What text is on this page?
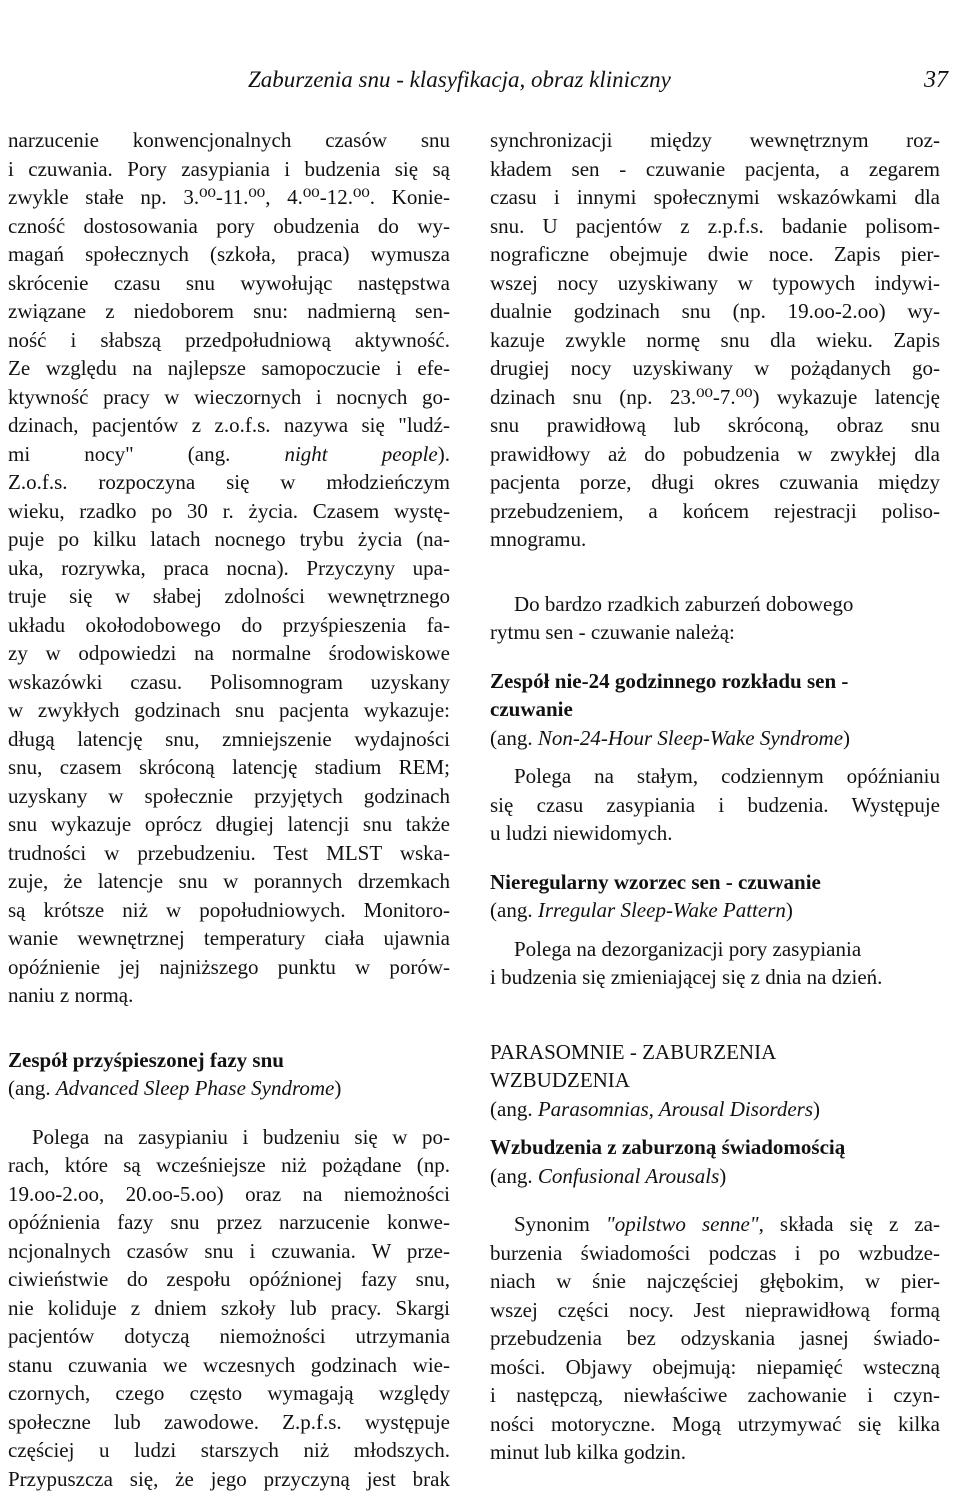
Zaburzenia snu - klasyfikacja, obraz kliniczny	37
narzucenie konwencjonalnych czasów snu
i czuwania. Pory zasypiania i budzenia się są
zwykle stałe np. 3.⁰⁰-11.⁰⁰, 4.⁰⁰-12.⁰⁰. Konie-
czność dostosowania pory obudzenia do wy-
magań społecznych (szkoła, praca) wymusza
skrócenie czasu snu wywołując następstwa
związane z niedoborem snu: nadmierną sen-
ność i słabszą przedpołudniową aktywność.
Ze względu na najlepsze samopoczucie i efe-
ktywność pracy w wieczornych i nocnych go-
dzinach, pacjentów z z.o.f.s. nazywa się "ludź-
mi nocy" (ang. night people).
Z.o.f.s. rozpoczyna się w młodzieńczym
wieku, rzadko po 30 r. życia. Czasem wystę-
puje po kilku latach nocnego trybu życia (na-
uka, rozrywka, praca nocna). Przyczyny upa-
truje się w słabej zdolności wewnętrznego
układu okołodobowego do przyśpieszenia fa-
zy w odpowiedzi na normalne środowiskowe
wskazówki czasu. Polisomnogram uzyskany
w zwykłych godzinach snu pacjenta wykazuje:
długą latencję snu, zmniejszenie wydajności
snu, czasem skróconą latencję stadium REM;
uzyskany w społecznie przyjętych godzinach
snu wykazuje oprócz długiej latencji snu także
trudności w przebudzeniu. Test MLST wska-
zuje, że latencje snu w porannych drzemkach
są krótsze niż w popołudniowych. Monitoro-
wanie wewnętrznej temperatury ciała ujawnia
opóźnienie jej najniższego punktu w porów-
naniu z normą.
Zespół przyśpieszonej fazy snu
(ang. Advanced Sleep Phase Syndrome)
Polega na zasypianiu i budzeniu się w po-
rach, które są wcześniejsze niż pożądane (np.
19.oo-2.oo, 20.oo-5.oo) oraz na niemożności
opóźnienia fazy snu przez narzucenie konwe-
ncjonalnych czasów snu i czuwania. W prze-
ciwieństwie do zespołu opóźnionej fazy snu,
nie koliduje z dniem szkoły lub pracy. Skargi
pacjentów dotyczą niemożności utrzymania
stanu czuwania we wczesnych godzinach wie-
czornych, czego często wymagają względy
społeczne lub zawodowe. Z.p.f.s. występuje
częściej u ludzi starszych niż młodszych.
Przypuszcza się, że jego przyczyną jest brak
synchronizacji między wewnętrznym roz-
kładem sen - czuwanie pacjenta, a zegarem
czasu i innymi społecznymi wskazówkami dla
snu. U pacjentów z z.p.f.s. badanie polisom-
nograficzne obejmuje dwie noce. Zapis pier-
wszej nocy uzyskiwany w typowych indywi-
dualnie godzinach snu (np. 19.oo-2.oo) wy-
kazuje zwykle normę snu dla wieku. Zapis
drugiej nocy uzyskiwany w pożądanych go-
dzinach snu (np. 23.⁰⁰-7.⁰⁰) wykazuje latencję
snu prawidłową lub skróconą, obraz snu
prawidłowy aż do pobudzenia w zwykłej dla
pacjenta porze, długi okres czuwania między
przebudzeniem, a końcem rejestracji poliso-
mnogramu.
Do bardzo rzadkich zaburzeń dobowego
rytmu sen - czuwanie należą:
Zespół nie-24 godzinnego rozkładu sen -
czuwanie
(ang. Non-24-Hour Sleep-Wake Syndrome)
Polega na stałym, codziennym opóźnianiu
się czasu zasypiania i budzenia. Występuje
u ludzi niewidomych.
Nieregularny wzorzec sen - czuwanie
(ang. Irregular Sleep-Wake Pattern)
Polega na dezorganizacji pory zasypiania
i budzenia się zmieniającej się z dnia na dzień.
PARASOMNIE - ZABURZENIA
WZBUDZENIA
(ang. Parasomnias, Arousal Disorders)
Wzbudzenia z zaburzoną świadomością
(ang. Confusional Arousals)
Synonim "opilstwo senne", składa się z za-
burzenia świadomości podczas i po wzbudze-
niach w śnie najczęściej głębokim, w pier-
wszej części nocy. Jest nieprawidłową formą
przebudzenia bez odzyskania jasnej świado-
mości. Objawy obejmują: niepamięć wsteczną
i następczą, niewłaściwe zachowanie i czyn-
ności motoryczne. Mogą utrzymywać się kilka
minut lub kilka godzin.
